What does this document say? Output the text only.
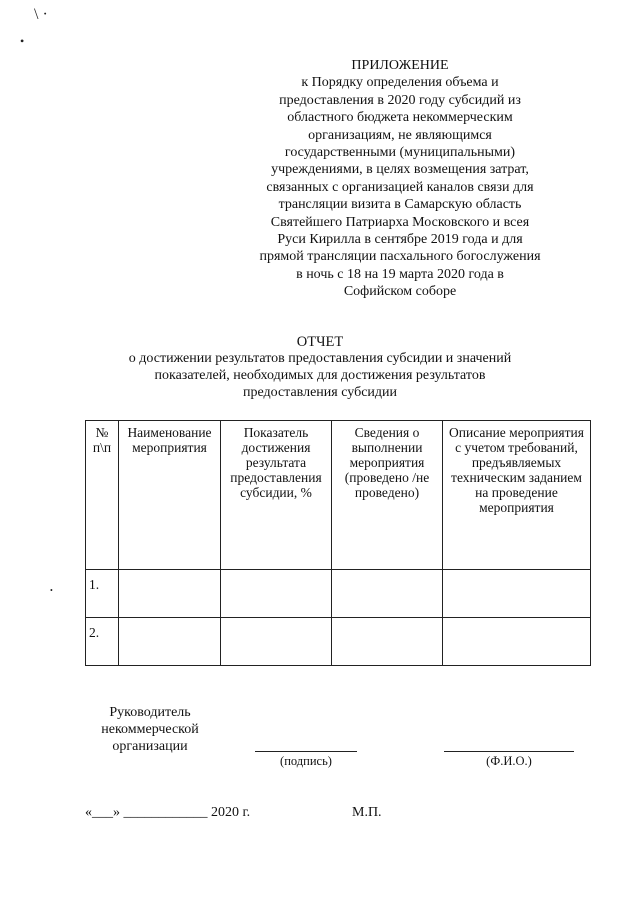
\ ·
•
ПРИЛОЖЕНИЕ
к Порядку определения объема и
предоставления в 2020 году субсидий из
областного бюджета некоммерческим
организациям, не являющимся
государственными (муниципальными)
учреждениями, в целях возмещения затрат,
связанных с организацией каналов связи для
трансляции визита в Самарскую область
Святейшего Патриарха Московского и всея
Руси Кирилла в сентябре 2019 года и для
прямой трансляции пасхального богослужения
в ночь с 18 на 19 марта 2020 года в
Софийском соборе
ОТЧЕТ
о достижении результатов предоставления субсидии и значений
показателей, необходимых для достижения результатов
предоставления субсидии
№ п\п	Наименование мероприятия	Показатель достижения результата предоставления субсидии, %	Сведения о выполнении мероприятия (проведено /не проведено)	Описание мероприятия с учетом требований, предъявляемых техническим заданием на проведение мероприятия
1.				
2.				
Руководитель
некоммерческой
организации
(подпись)	(Ф.И.О.)
«___» ____________ 2020 г.	М.П.
•
